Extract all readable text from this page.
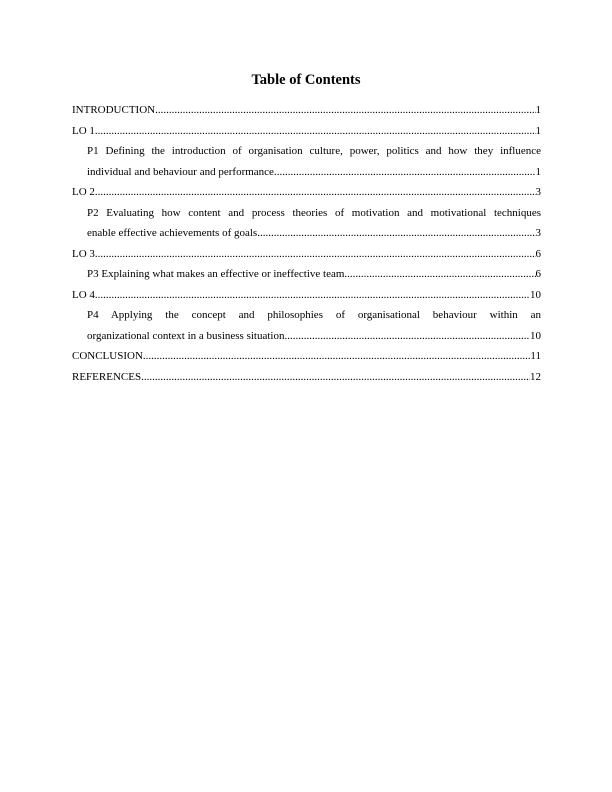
Table of Contents
INTRODUCTION .....	1
LO 1 .....	1
P1 Defining the introduction of organisation culture, power, politics and how they influence
individual and behaviour and performance. .....	1
LO 2 .....	3
P2 Evaluating how content and process theories of motivation and motivational techniques
enable effective achievements of goals. .....	3
LO 3 .....	6
P3 Explaining what makes an effective or ineffective team. .....	6
LO 4 .....	10
P4 Applying the concept and philosophies of organisational behaviour within an
organizational context in a business situation. .....	10
CONCLUSION .....	11
REFERENCES .....	12
